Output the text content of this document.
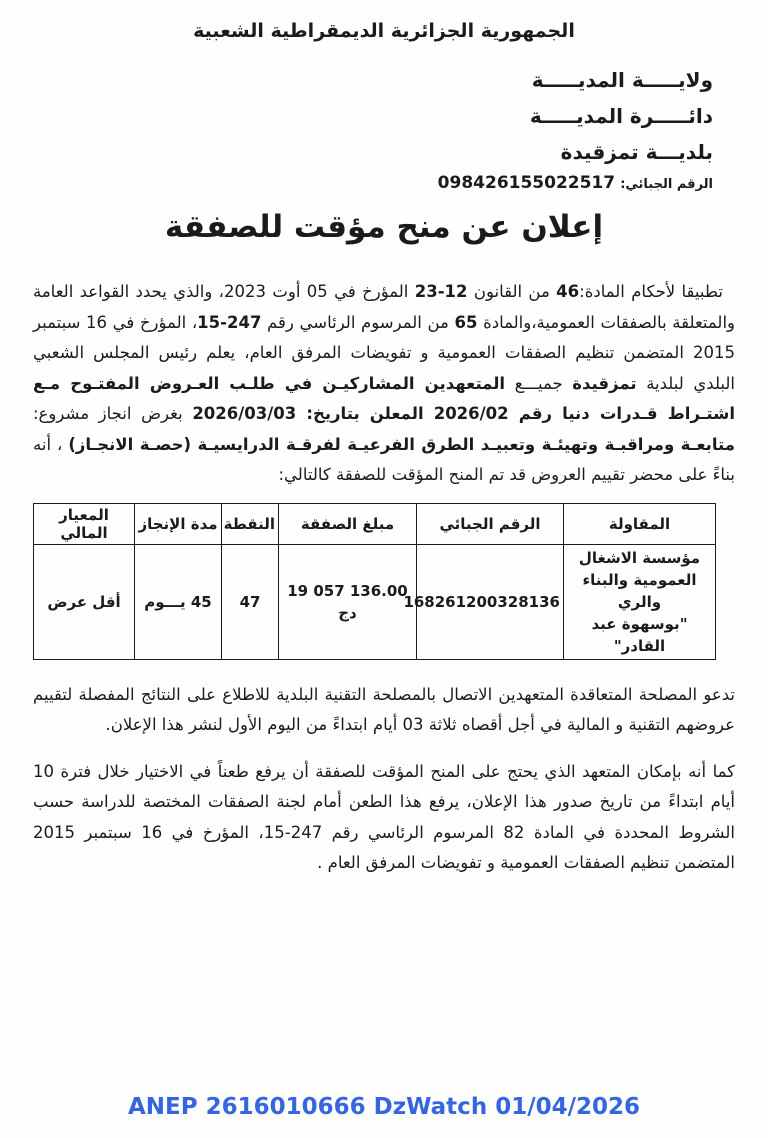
الجمهورية الجزائرية الديمقراطية الشعبية
ولايـــــة المديـــــة
دائـــــرة المديـــــة
بلديـــة تمزقيدة
الرقم الجبائي: 098426155022517
إعلان عن منح مؤقت للصفقة

تطبيقا لأحكام المادة:46 من القانون 12-23 المؤرخ في 05 أوت 2023، والذي يحدد القواعد العامة والمتعلقة بالصفقات العمومية،والمادة 65 من المرسوم الرئاسي رقم 247-15، المؤرخ في 16 سبتمبر 2015 المتضمن تنظيم الصفقات العمومية و تفويضات المرفق العام، يعلم رئيس المجلس الشعبي البلدي لبلدية تمزقيدة جميـــع المتعهدين المشاركيـن في طلـب العـروض المفتـوح مـع اشتـراط قـدرات دنيا رقم 2026/02 المعلن بتاريخ: 2026/03/03 بغرض انجاز مشروع: متابعـة ومراقبـة وتهيئـة وتعبيـد الطرق الفرعيـة لفرقـة الدرايسيـة (حصـة الانجـاز) ، أنه بناءً على محضر تقييم العروض قد تم المنح المؤقت للصفقة كالتالي:

المقاولة	الرقم الجبائي	مبلغ الصفقة	النقطة	مدة الإنجاز	المعيار المالي

مؤسسة الاشغال العمومية والبناء والري
"بوسهوة عبد القادر"	168261200328136	19 057 136.00 دج	47	45 يـــوم	أقل عرض

تدعو المصلحة المتعاقدة المتعهدين الاتصال بالمصلحة التقنية البلدية للاطلاع على النتائج المفصلة لتقييم عروضهم التقنية و المالية في أجل أقصاه ثلاثة 03 أيام ابتداءً من اليوم الأول لنشر هذا الإعلان.

كما أنه بإمكان المتعهد الذي يحتج على المنح المؤقت للصفقة أن يرفع طعناً في الاختيار خلال فترة 10 أيام ابتداءً من تاريخ صدور هذا الإعلان، يرفع هذا الطعن أمام لجنة الصفقات المختصة للدراسة حسب الشروط المحددة في المادة 82 المرسوم الرئاسي رقم 247-15، المؤرخ في 16 سبتمبر 2015 المتضمن تنظيم الصفقات العمومية و تفويضات المرفق العام .

ANEP 2616010666 DzWatch 01/04/2026
